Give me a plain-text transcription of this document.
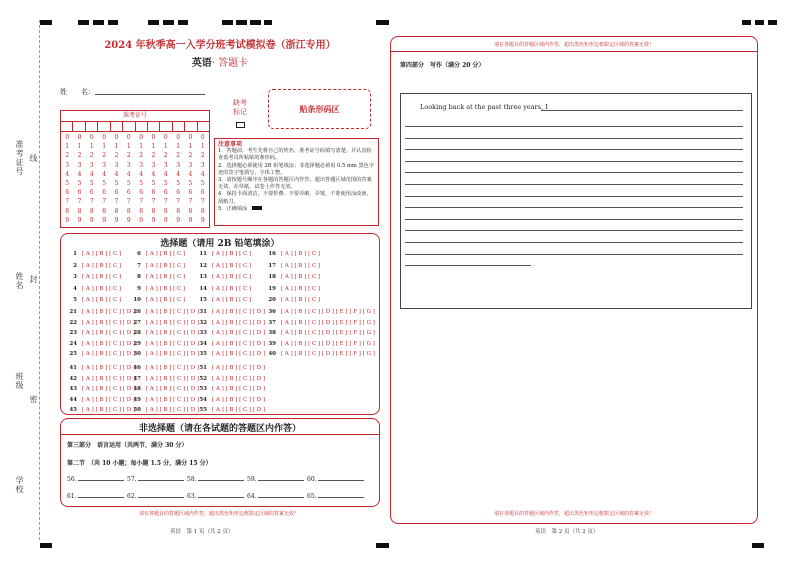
准考证号 线
姓名 封
班级
密
学校
2024 年秋季高一入学分班考试模拟卷（浙江专用）
英语· 答题卡
姓　　名：
准考证号
0	0	0	0	0	0	0	0	0	0	0	0
1	1	1	1	1	1	1	1	1	1	1	1
2	2	2	2	2	2	2	2	2	2	2	2
3	3	3	3	3	3	3	3	3	3	3	3
4	4	4	4	4	4	4	4	4	4	4	4
5	5	5	5	5	5	5	5	5	5	5	5
6	6	6	6	6	6	6	6	6	6	6	6
7	7	7	7	7	7	7	7	7	7	7	7
8	8	8	8	8	8	8	8	8	8	8	8
9	9	9	9	9	9	9	9	9	9	9	9
缺考标记	贴条形码区
注意事项
1．答题前，考生先将自己的姓名、准考证号码填写清楚，并认真检查监考员所粘贴的条形码。
2．选择题必须使用 2B 铅笔填涂；非选择题必须用 0.5 mm 黑色字迹的签字笔填写，字体工整。
3．请按题号顺序在各题的答题区内作答，超出答题区域范围的答案无效，在草纸、试卷上作答无效。
4．保持卡面清洁，不要折叠、不要弄破、弄皱，不准使用涂改液、刮纸刀。
5．正确填涂　
选择题（请用 2B 铅笔填涂）
1 [ A ] [ B ] [ C ]
2 [ A ] [ B ] [ C ]
3 [ A ] [ B ] [ C ]
4 [ A ] [ B ] [ C ]
5 [ A ] [ B ] [ C ]
6 [ A ] [ B ] [ C ]
7 [ A ] [ B ] [ C ]
8 [ A ] [ B ] [ C ]
9 [ A ] [ B ] [ C ]
10 [ A ] [ B ] [ C ]
11 [ A ] [ B ] [ C ]
12 [ A ] [ B ] [ C ]
13 [ A ] [ B ] [ C ]
14 [ A ] [ B ] [ C ]
15 [ A ] [ B ] [ C ]
16 [ A ] [ B ] [ C ]
17 [ A ] [ B ] [ C ]
18 [ A ] [ B ] [ C ]
19 [ A ] [ B ] [ C ]
20 [ A ] [ B ] [ C ]
21 [ A ] [ B ] [ C ] [ D ]
22 [ A ] [ B ] [ C ] [ D ]
23 [ A ] [ B ] [ C ] [ D ]
24 [ A ] [ B ] [ C ] [ D ]
25 [ A ] [ B ] [ C ] [ D ]
26 [ A ] [ B ] [ C ] [ D ]
27 [ A ] [ B ] [ C ] [ D ]
28 [ A ] [ B ] [ C ] [ D ]
29 [ A ] [ B ] [ C ] [ D ]
30 [ A ] [ B ] [ C ] [ D ]
31 [ A ] [ B ] [ C ] [ D ]
32 [ A ] [ B ] [ C ] [ D ]
33 [ A ] [ B ] [ C ] [ D ]
34 [ A ] [ B ] [ C ] [ D ]
35 [ A ] [ B ] [ C ] [ D ]
36 [ A ] [ B ] [ C ] [ D ] [ E ] [ F ] [ G ]
37 [ A ] [ B ] [ C ] [ D ] [ E ] [ F ] [ G ]
38 [ A ] [ B ] [ C ] [ D ] [ E ] [ F ] [ G ]
39 [ A ] [ B ] [ C ] [ D ] [ E ] [ F ] [ G ]
40 [ A ] [ B ] [ C ] [ D ] [ E ] [ F ] [ G ]
41 [ A ] [ B ] [ C ] [ D ]
42 [ A ] [ B ] [ C ] [ D ]
43 [ A ] [ B ] [ C ] [ D ]
44 [ A ] [ B ] [ C ] [ D ]
45 [ A ] [ B ] [ C ] [ D ]
46 [ A ] [ B ] [ C ] [ D ]
47 [ A ] [ B ] [ C ] [ D ]
48 [ A ] [ B ] [ C ] [ D ]
49 [ A ] [ B ] [ C ] [ D ]
50 [ A ] [ B ] [ C ] [ D ]
51 [ A ] [ B ] [ C ] [ D ]
52 [ A ] [ B ] [ C ] [ D ]
53 [ A ] [ B ] [ C ] [ D ]
54 [ A ] [ B ] [ C ] [ D ]
55 [ A ] [ B ] [ C ] [ D ]
非选择题（请在各试题的答题区内作答）
第三部分　语言运用（共两节，满分 30 分）
第二节　（共 10 小题；每小题 1.5 分，满分 15 分）
56.	57.	58.	59.	60.
61.	62.	63.	64.	65.
请在各题目的答题区域内作答，超出黑色矩形边框限定区域的答案无效！
英语　第 1 页（共 2 页）
请在各题目的答题区域内作答，超出黑色矩形边框限定区域的答案无效！
请在各题目的答题区域内作答，超出黑色矩形边框限定区域的答案无效！
第四部分　写作（满分 20 分）
Looking back at the past three years, I
英语　第 2 页（共 2 页）
